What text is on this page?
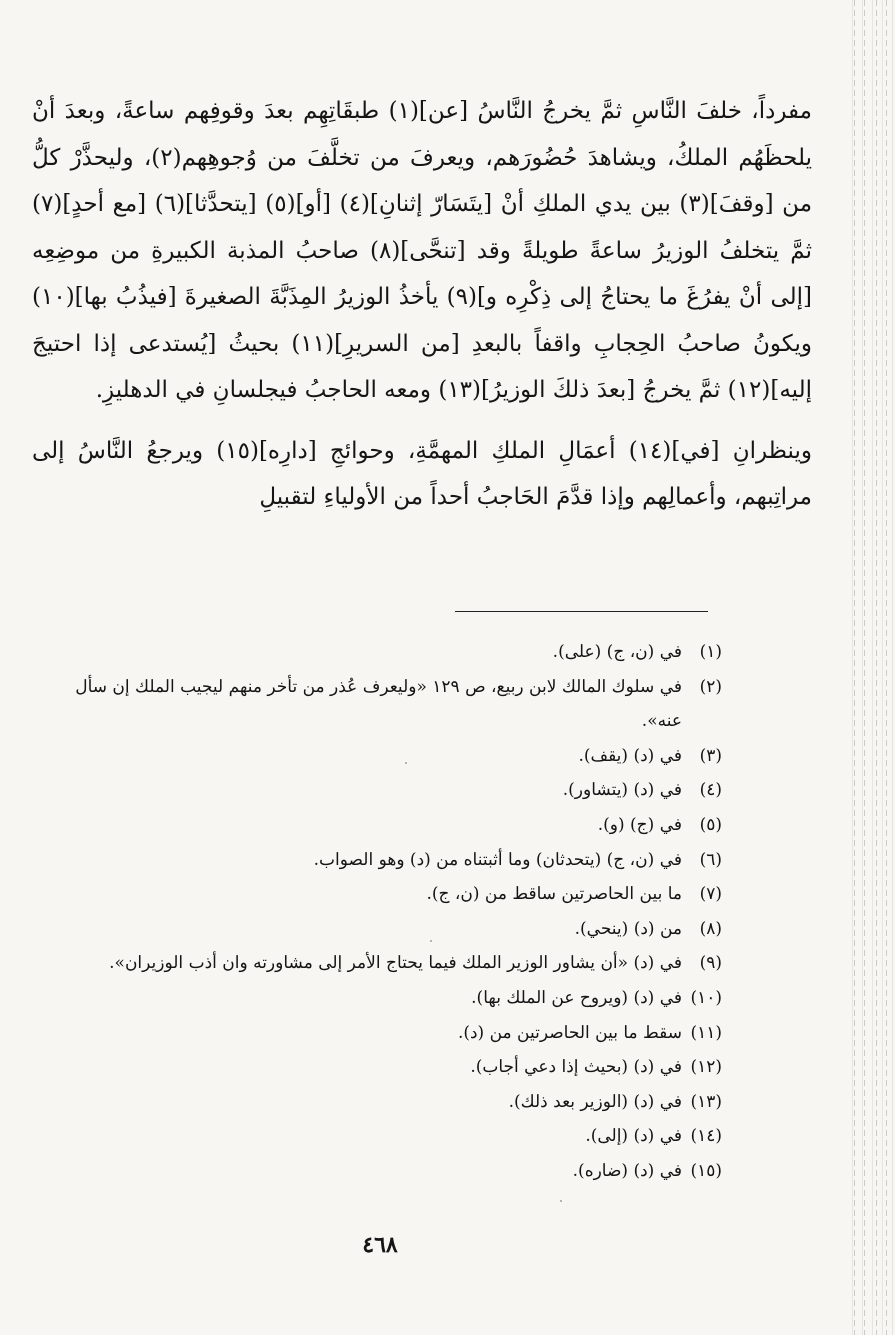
مفرداً، خلفَ النَّاسِ ثمَّ يخرجُ النَّاسُ [عن](١) طبقَاتِهِم بعدَ وقوفِهم ساعةً، وبعدَ أنْ يلحظَهُم الملكُ، ويشاهدَ حُضُورَهم، ويعرفَ من تخلَّفَ من وُجوهِهم(٢)، وليحذَّرْ كلُّ من [وقفَ](٣) بين يدي الملكِ أنْ [يتَسَارّ إثنانِ](٤) [أو](٥) [يتحدَّثا](٦) [مع أحدٍ](٧) ثمَّ يتخلفُ الوزيرُ ساعةً طويلةً وقد [تنحَّى](٨) صاحبُ المذبة الكبيرةِ من موضِعِه [إلى أنْ يفرُغَ ما يحتاجُ إلى ذِكْرِه و](٩) يأخذُ الوزيرُ المِذَبَّةَ الصغيرةَ [فيذُبُ بها](١٠) ويكونُ صاحبُ الحِجابِ واقفاً بالبعدِ [من السريرِ](١١) بحيثُ [يُستدعى إذا احتيجَ إليه](١٢) ثمَّ يخرجُ [بعدَ ذلكَ الوزيرُ](١٣) ومعه الحاجبُ فيجلسانِ في الدهليزِ.

وينظرانِ [في](١٤) أعمَالِ الملكِ المهمَّةِ، وحوائجِ [دارِه](١٥) ويرجعُ النَّاسُ إلى مراتِبهم، وأعمالِهم وإذا قدَّمَ الحَاجبُ أحداً من الأولياءِ لتقبيلِ

(١)
في (ن، ج) (على).
(٢)
في سلوك المالك لابن ربيع، ص ١٢٩ «وليعرف عُذر من تأخر منهم ليجيب الملك إن سأل عنه».
(٣)
في (د) (يقف).
(٤)
في (د) (يتشاور).
(٥)
في (ج) (و).
(٦)
في (ن، ج) (يتحدثان) وما أثبتناه من (د) وهو الصواب.
(٧)
ما بين الحاصرتين ساقط من (ن، ج).
(٨)
من (د) (ينحي).
(٩)
في (د) «أن يشاور الوزير الملك فيما يحتاج الأمر إلى مشاورته وان أذب الوزيران».
(١٠)
في (د) (ويروح عن الملك بها).
(١١)
سقط ما بين الحاصرتين من (د).
(١٢)
في (د) (بحيث إذا دعي أجاب).
(١٣)
في (د) (الوزير بعد ذلك).
(١٤)
في (د) (إلى).
(١٥)
في (د) (ضاره).
٤٦٨
